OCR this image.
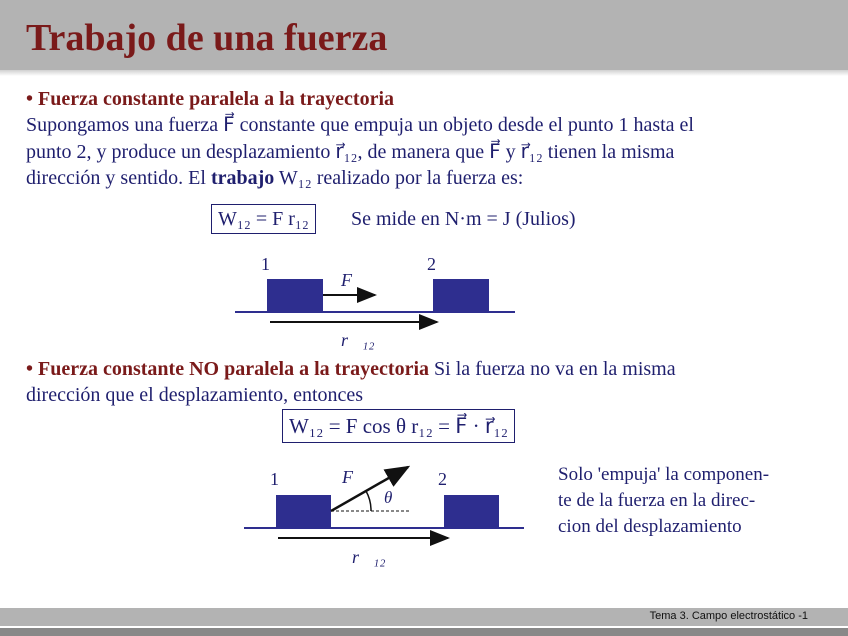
Trabajo de una fuerza
• Fuerza constante paralela a la trayectoria
Supongamos una fuerza F⃗ constante que empuja un objeto desde el punto 1 hasta el
punto 2, y produce un desplazamiento r⃗₁₂, de manera que F⃗ y r⃗₁₂ tienen la misma
dirección y sentido. El trabajo W₁₂ realizado por la fuerza es:
W₁₂ = F r₁₂	Se mide en N·m = J (Julios)
1	2
F⃗
r⃗₁₂
• Fuerza constante NO paralela a la trayectoria Si la fuerza no va en la misma
dirección que el desplazamiento, entonces
W₁₂ = F cos θ r₁₂ = F⃗ · r⃗₁₂
1	2
F⃗
θ
r⃗₁₂
Solo 'empuja' la componen-
te de la fuerza en la direc-
cion del desplazamiento
Tema 3. Campo electrostático -1
